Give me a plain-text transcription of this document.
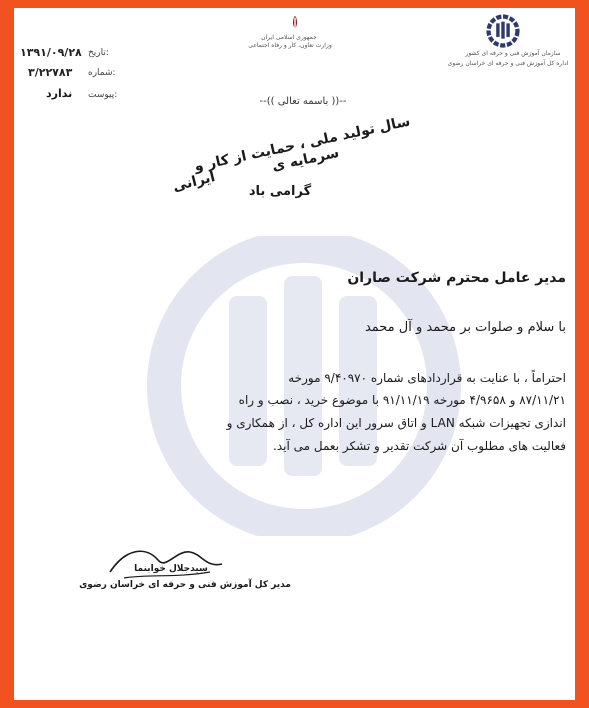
:تاریخ
۱۳۹۱/۰۹/۲۸
:شماره
۳/۲۲۷۸۳
:پیوست
ندارد
جمهوری اسلامی ایران
وزارت تعاون، کار و رفاه اجتماعی
سازمان آموزش فنی و حرفه ای کشور
اداره کل آموزش فنی و حرفه ای خراسان رضوی
--(( باسمه تعالی ))--
سال تولید ملی ، حمایت از کار و سرمایه ی
ایرانی	گرامی باد
مدیر عامل محترم شرکت صاران
با سلام و صلوات بر محمد و آل محمد
احتراماً ، با عنایت به قراردادهای شماره ۹/۴۰۹۷۰ مورخه
۸۷/۱۱/۲۱ و ۴/۹۶۵۸ مورخه ۹۱/۱۱/۱۹ با موضوع خرید ، نصب و راه
اندازی تجهیزات شبکه LAN و اتاق سرور این اداره کل ، از همکاری و
فعالیت های مطلوب آن شرکت تقدیر و تشکر بعمل می آید.
سیدجلال خوابنما
مدیر کل آموزش فنی و حرفه ای خراسان رضوی
